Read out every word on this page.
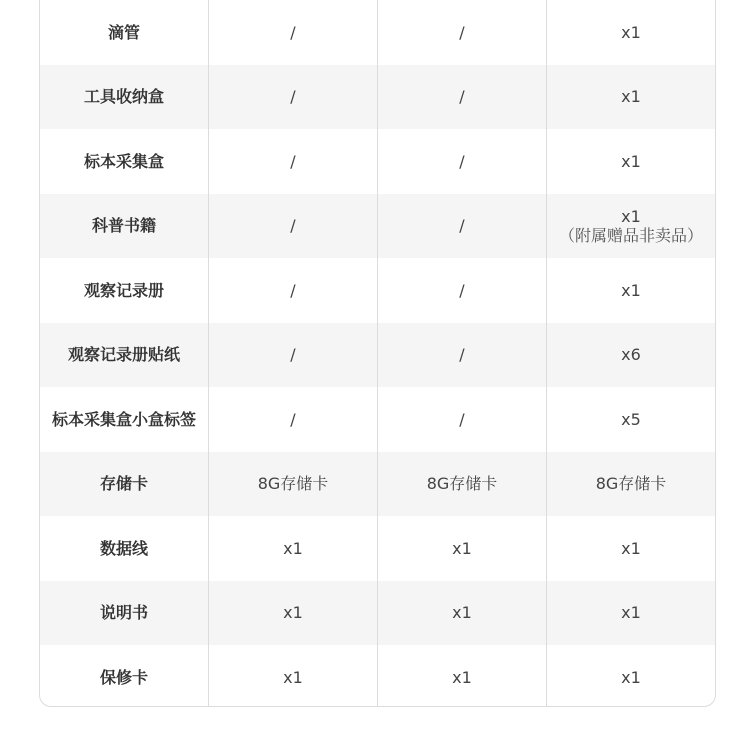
滴管	/	/	x1
工具收纳盒	/	/	x1
标本采集盒	/	/	x1
科普书籍	/	/	x1
（附属赠品非卖品）
观察记录册	/	/	x1
观察记录册贴纸	/	/	x6
标本采集盒小盒标签	/	/	x5
存储卡	8G存储卡	8G存储卡	8G存储卡
数据线	x1	x1	x1
说明书	x1	x1	x1
保修卡	x1	x1	x1
